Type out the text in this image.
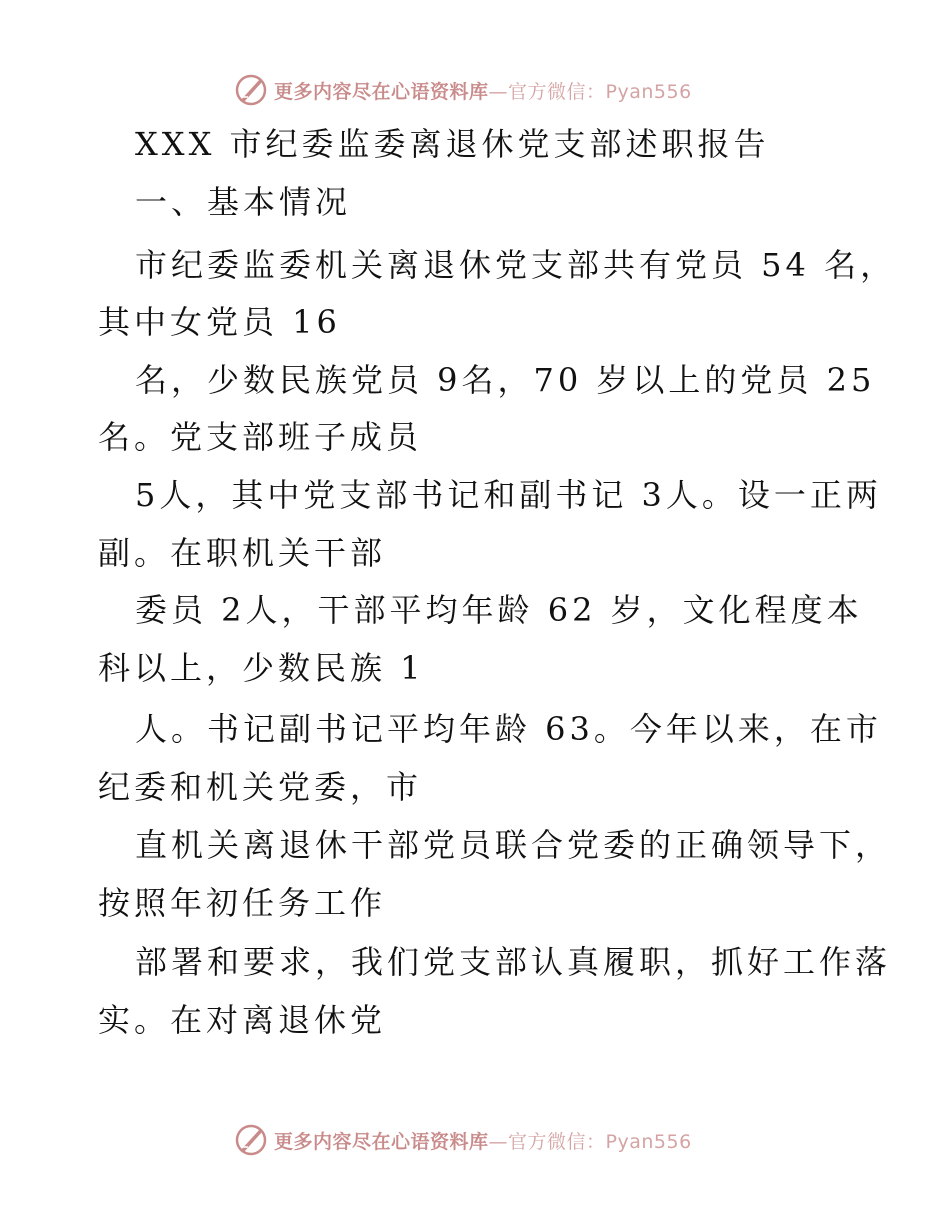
更多内容尽在心语资料库—官方微信：Pyan556
XXX 市纪委监委离退休党支部述职报告
一、基本情况
市纪委监委机关离退休党支部共有党员 54 名，
其中女党员 16
名，少数民族党员 9名，70 岁以上的党员 25
名。党支部班子成员
5人，其中党支部书记和副书记 3人。设一正两
副。在职机关干部
委员 2人，干部平均年龄 62 岁，文化程度本
科以上，少数民族 1
人。书记副书记平均年龄 63。今年以来，在市
纪委和机关党委，市
直机关离退休干部党员联合党委的正确领导下，
按照年初任务工作
部署和要求，我们党支部认真履职，抓好工作落
实。在对离退休党
更多内容尽在心语资料库—官方微信：Pyan556
